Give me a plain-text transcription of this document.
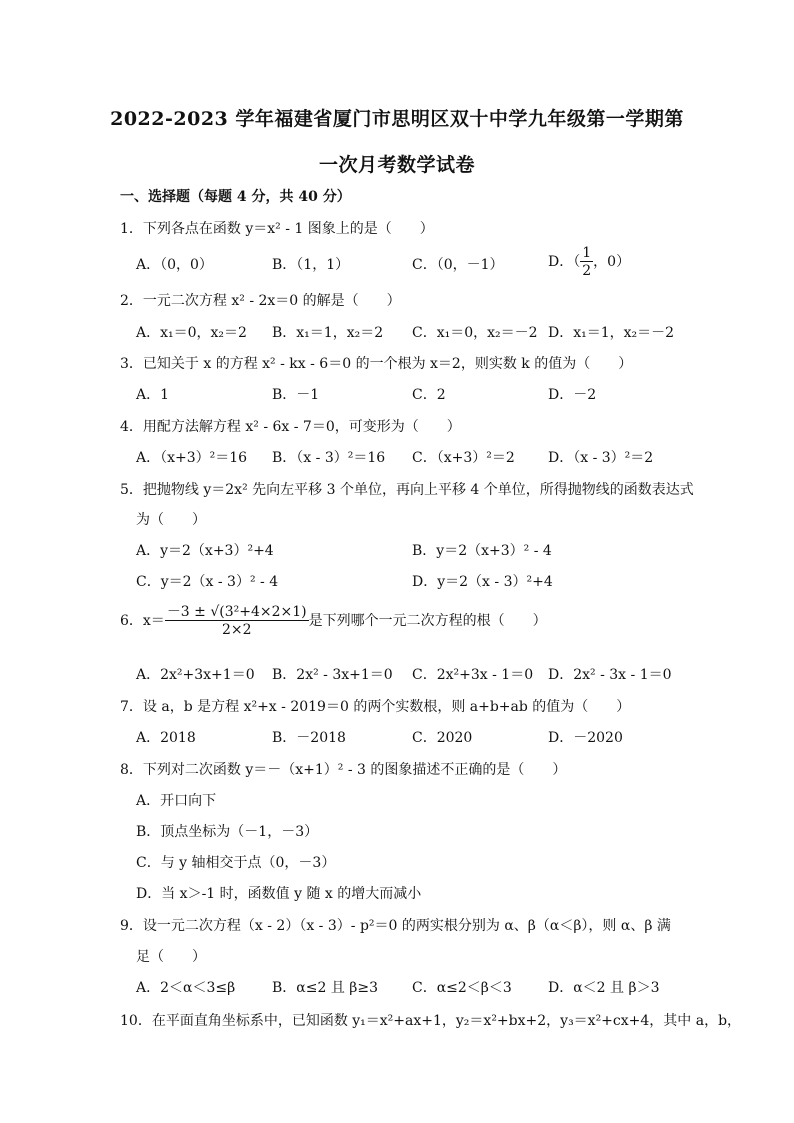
2022-2023 学年福建省厦门市思明区双十中学九年级第一学期第
一次月考数学试卷
一、选择题（每题 4 分，共 40 分）
1．下列各点在函数 y＝x² - 1 图象上的是（　　）
A．（0，0）	B．（1，1）	C．（0，－1）	D．（ $\frac{1}{2}$ ，0）
2．一元二次方程 x² - 2x＝0 的解是（　　）
A．x₁＝0，x₂＝2 B．x₁＝1，x₂＝2 C．x₁＝0，x₂＝－2 D．x₁＝1，x₂＝－2
3．已知关于 x 的方程 x² - kx - 6＝0 的一个根为 x＝2，则实数 k 的值为（　　）
A．1	B．－1	C．2	D．－2
4．用配方法解方程 x² - 6x - 7＝0，可变形为（　　）
A．（x+3）²＝16 B．（x - 3）²＝16 C．（x+3）²＝2 D．（x - 3）²＝2
5．把抛物线 y＝2x² 先向左平移 3 个单位，再向上平移 4 个单位，所得抛物线的函数表达式
为（　　）
A．y＝2（x+3）²+4	B．y＝2（x+3）² - 4
C．y＝2（x - 3）² - 4	D．y＝2（x - 3）²+4
6．$x= \frac{\text{－3 ± √(3²+4×2×1)}}{2\times 2}$ 是下列哪个一元二次方程的根（　　）
A．2x²+3x+1＝0 B．2x² - 3x+1＝0 C．2x²+3x - 1＝0 D．2x² - 3x - 1＝0
7．设 a，b 是方程 x²+x - 2019＝0 的两个实数根，则 a+b+ab 的值为（　　）
A．2018	B．－2018	C．2020	D．－2020
8．下列对二次函数 y＝－（x+1）² - 3 的图象描述不正确的是（　　）
A．开口向下
B．顶点坐标为（－1，－3）
C．与 y 轴相交于点（0，－3）
D．当 x＞-1 时，函数值 y 随 x 的增大而减小
9．设一元二次方程（x - 2）（x - 3）- p²＝0 的两实根分别为 α、β（α＜β），则 α、β 满
足（　　）
A．2＜α＜3≤β	B．α≤2 且 β≥3 C．α≤2＜β＜3	D．α＜2 且 β＞3
10．在平面直角坐标系中，已知函数 y₁＝x²+ax+1，y₂＝x²+bx+2，y₃＝x²+cx+4，其中 a，b，
